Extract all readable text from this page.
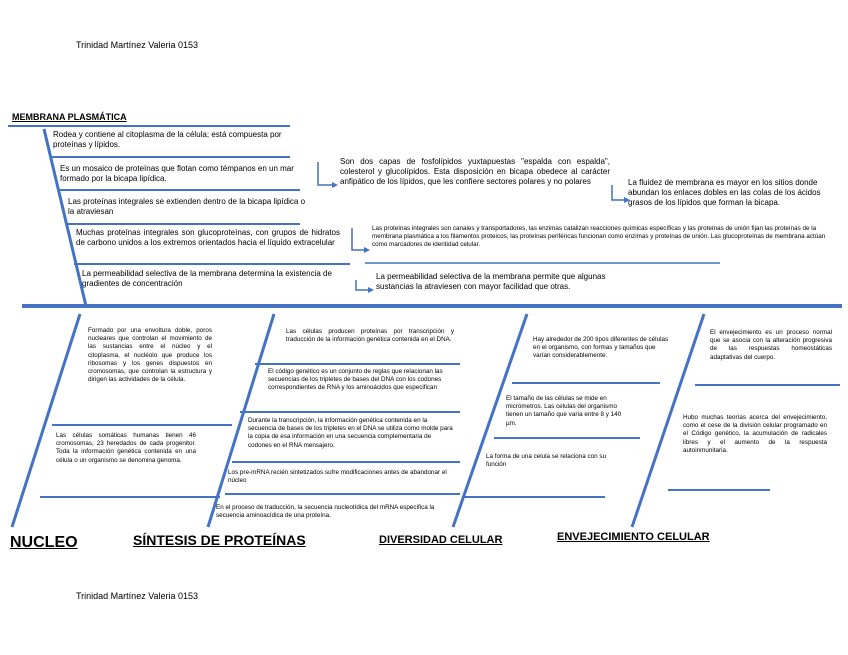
Trinidad Martínez Valeria 0153
Trinidad Martínez Valeria 0153
MEMBRANA PLASMÁTICA
NUCLEO	SÍNTESIS DE PROTEÍNAS	DIVERSIDAD CELULAR	ENVEJECIMIENTO CELULAR
Rodea y contiene al citoplasma de la célula; está compuesta por proteínas y lípidos.
Es un mosaico de proteínas que flotan como témpanos en un mar formado por la bicapa lipídica.
Las proteínas integrales se extienden dentro de la bicapa lipídica o la atraviesan
Muchas proteínas integrales son glucoproteínas, con grupos de hidratos de carbono unidos a los extremos orientados hacia el líquido extracelular
La permeabilidad selectiva de la membrana determina la existencia de gradientes de concentración
Son dos capas de fosfolípidos yuxtapuestas "espalda con espalda", colesterol y glucolípidos. Esta disposición en bicapa obedece al carácter anfipático de los lípidos, que les confiere sectores polares y no polares	La fluidez de membrana es mayor en los sitios donde abundan los enlaces dobles en las colas de los ácidos grasos de los lípidos que forman la bicapa.
Las proteínas integrales son canales y transportadores, las enzimas catalizan reacciones químicas específicas y las proteínas de unión fijan las proteínas de la membrana plasmática a los filamentos proteicos, las proteínas periféricas funcionan como enzimas y proteínas de unión. Las glucoproteínas de membrana actúan como marcadores de identidad celular.
La permeabilidad selectiva de la membrana permite que algunas sustancias la atraviesen con mayor facilidad que otras.
Formado por una envoltura doble, poros nucleares que controlan el movimiento de las sustancias entre el núcleo y el citoplasma, el nucléolo que produce los ribosomas y los genes dispuestos en cromosomas, que controlan la estructura y dirigen las actividades de la célula.
Las células somáticas humanas tienen 46 cromosomas, 23 heredados de cada progenitor. Toda la información genética contenida en una célula o un organismo se denomina genoma.
Las células producen proteínas por transcripción y traducción de la información genética contenida en el DNA.
El código genético es un conjunto de reglas que relacionan las secuencias de los tripletes de bases del DNA con los codones correspondientes de RNA y los aminoácidos que especifican
Durante la transcripción, la información genética contenida en la secuencia de bases de los tripletes en el DNA se utiliza como molde para la copia de esa información en una secuencia complementaria de codones en el RNA mensajero.
Los pre-mRNA recién sintetizados sufre modificaciones antes de abandonar el núcleo
En el proceso de traducción, la secuencia nucleotídica del mRNA especifica la secuencia aminoacídica de una proteína.
Hay alrededor de 200 tipos diferentes de células en el organismo, con formas y tamaños que varían considerablemente.
El tamaño de las células se mide en micrómetros. Las celulas del organismo tienen un tamaño que varía entre 8 y 140 µm.
La forma de una celula se relaciona con su función
El envejecimiento es un proceso normal que se asocia con la alteración progresiva de las respuestas homeostáticas adaptativas del cuerpo.
Hubo muchas teorías acerca del envejecimiento, como el cese de la división celular programado en el Código genético, la acumulación de radicales libres y el aumento de la respuesta autoinmunitaria.
